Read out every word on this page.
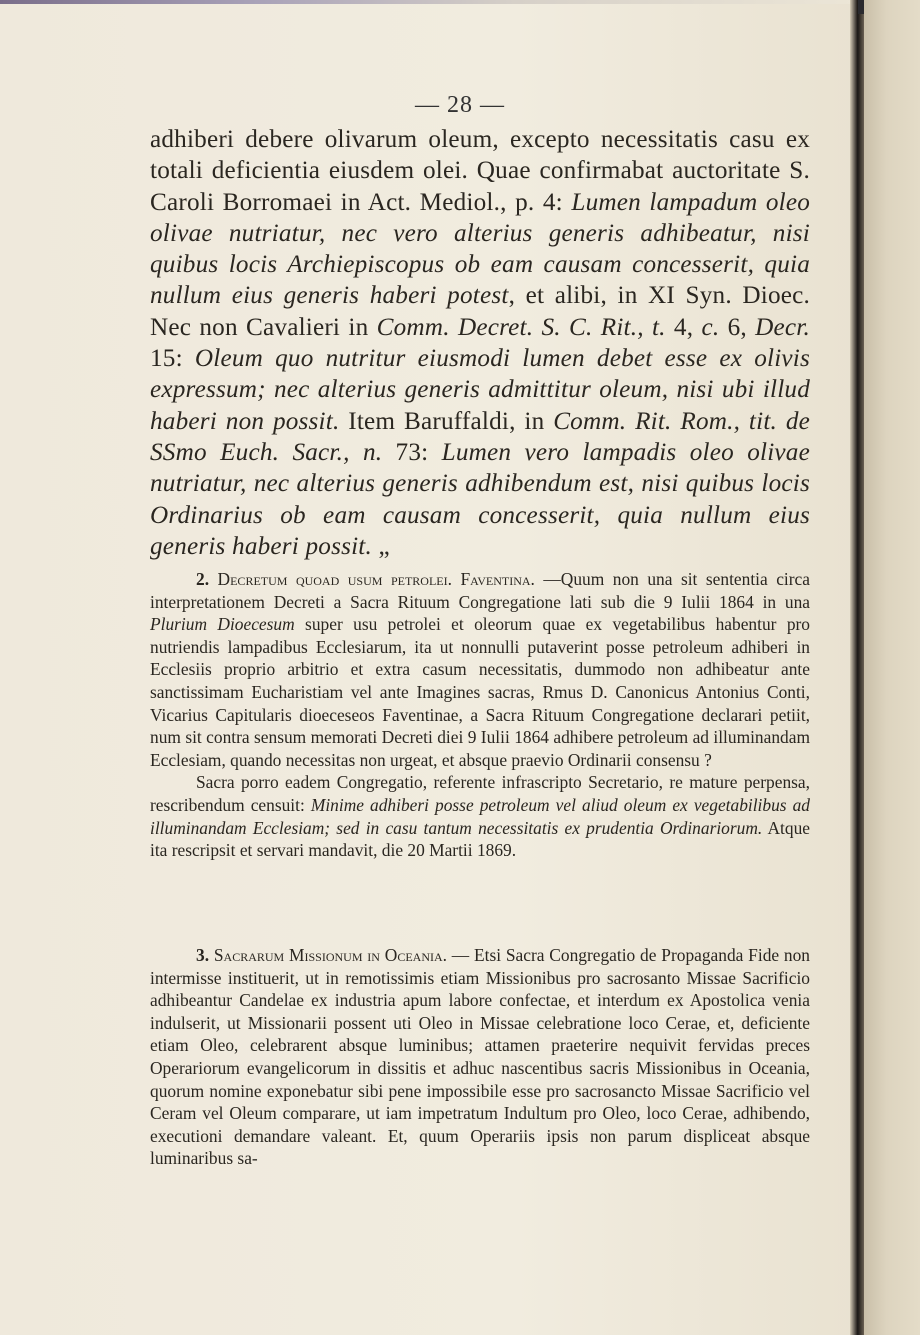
— 28 —
adhiberi debere olivarum oleum, excepto necessitatis casu ex totali deficientia eiusdem olei. Quae confirmabat auctoritate S. Caroli Borromaei in Act. Mediol., p. 4: Lumen lampadum oleo olivae nutriatur, nec vero alterius generis adhibeatur, nisi quibus locis Archiepiscopus ob eam causam concesserit, quia nullum eius generis haberi potest, et alibi, in XI Syn. Dioec. Nec non Cavalieri in Comm. Decret. S. C. Rit., t. 4, c. 6, Decr. 15: Oleum quo nutritur eiusmodi lumen debet esse ex olivis expressum; nec alterius generis admittitur oleum, nisi ubi illud haberi non possit. Item Baruffaldi, in Comm. Rit. Rom., tit. de SSmo Euch. Sacr., n. 73: Lumen vero lampadis oleo olivae nutriatur, nec alterius generis adhibendum est, nisi quibus locis Ordinarius ob eam causam concesserit, quia nullum eius generis haberi possit. „

2. Decretum quoad usum petrolei. Faventina. —Quum non una sit sententia circa interpretationem Decreti a Sacra Rituum Congregatione lati sub die 9 Iulii 1864 in una Plurium Dioecesum super usu petrolei et oleorum quae ex vegetabilibus habentur pro nutriendis lampadibus Ecclesiarum, ita ut nonnulli putaverint posse petroleum adhiberi in Ecclesiis proprio arbitrio et extra casum necessitatis, dummodo non adhibeatur ante sanctissimam Eucharistiam vel ante Imagines sacras, Rmus D. Canonicus Antonius Conti, Vicarius Capitularis dioeceseos Faventinae, a Sacra Rituum Congregatione declarari petiit, num sit contra sensum memorati Decreti diei 9 Iulii 1864 adhibere petroleum ad illuminandam Ecclesiam, quando necessitas non urgeat, et absque praevio Ordinarii consensu ?

Sacra porro eadem Congregatio, referente infrascripto Secretario, re mature perpensa, rescribendum censuit: Minime adhiberi posse petroleum vel aliud oleum ex vegetabilibus ad illuminandam Ecclesiam; sed in casu tantum necessitatis ex prudentia Ordinariorum. Atque ita rescripsit et servari mandavit, die 20 Martii 1869.

3. Sacrarum Missionum in Oceania. — Etsi Sacra Congregatio de Propaganda Fide non intermisse instituerit, ut in remotissimis etiam Missionibus pro sacrosanto Missae Sacrificio adhibeantur Candelae ex industria apum labore confectae, et interdum ex Apostolica venia indulserit, ut Missionarii possent uti Oleo in Missae celebratione loco Cerae, et, deficiente etiam Oleo, celebrarent absque luminibus; attamen praeterire nequivit fervidas preces Operariorum evangelicorum in dissitis et adhuc nascentibus sacris Missionibus in Oceania, quorum nomine exponebatur sibi pene impossibile esse pro sacrosancto Missae Sacrificio vel Ceram vel Oleum comparare, ut iam impetratum Indultum pro Oleo, loco Cerae, adhibendo, executioni demandare valeant. Et, quum Operariis ipsis non parum displiceat absque luminaribus sa-
